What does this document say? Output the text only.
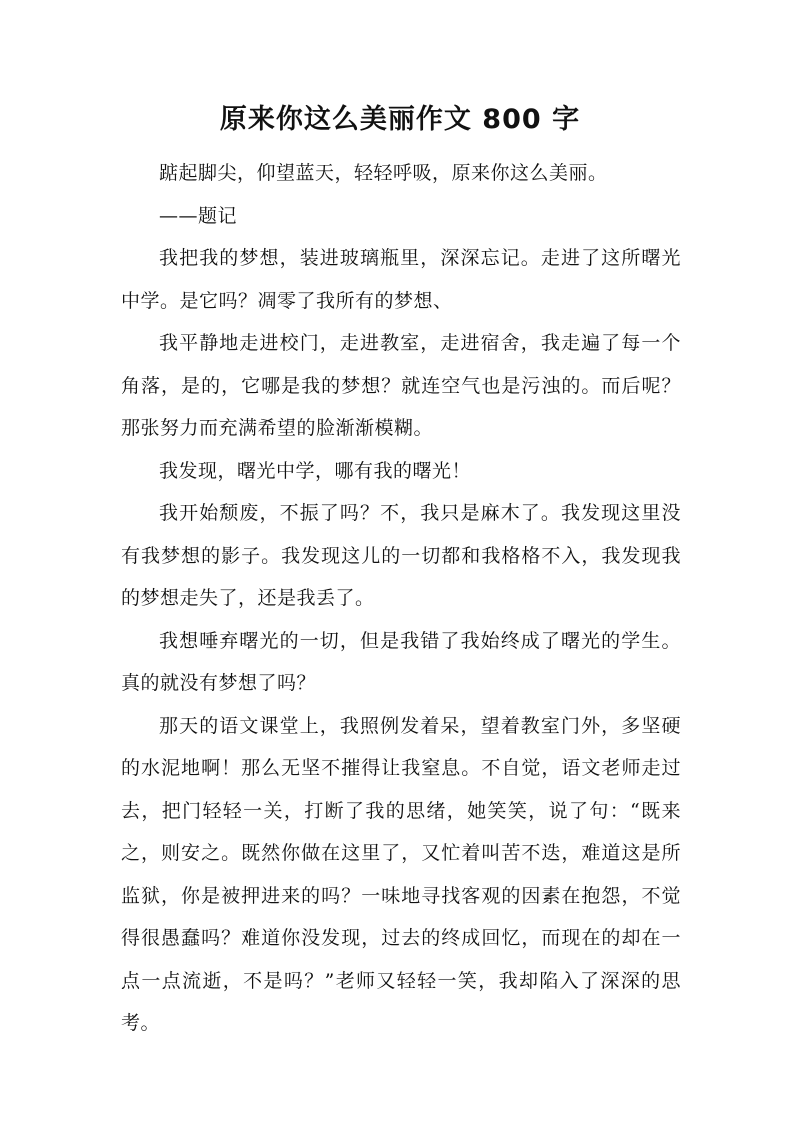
原来你这么美丽作文 800 字

踮起脚尖，仰望蓝天，轻轻呼吸，原来你这么美丽。

——题记

我把我的梦想，装进玻璃瓶里，深深忘记。走进了这所曙光中学。是它吗？凋零了我所有的梦想、

我平静地走进校门，走进教室，走进宿舍，我走遍了每一个角落，是的，它哪是我的梦想？就连空气也是污浊的。而后呢？那张努力而充满希望的脸渐渐模糊。

我发现，曙光中学，哪有我的曙光！

我开始颓废，不振了吗？不，我只是麻木了。我发现这里没有我梦想的影子。我发现这儿的一切都和我格格不入，我发现我的梦想走失了，还是我丢了。

我想唾弃曙光的一切，但是我错了我始终成了曙光的学生。真的就没有梦想了吗？

那天的语文课堂上，我照例发着呆，望着教室门外，多坚硬的水泥地啊！那么无坚不摧得让我窒息。不自觉，语文老师走过去，把门轻轻一关，打断了我的思绪，她笑笑，说了句：“既来之，则安之。既然你做在这里了，又忙着叫苦不迭，难道这是所监狱，你是被押进来的吗？一味地寻找客观的因素在抱怨，不觉得很愚蠢吗？难道你没发现，过去的终成回忆，而现在的却在一点一点流逝，不是吗？”老师又轻轻一笑，我却陷入了深深的思考。
